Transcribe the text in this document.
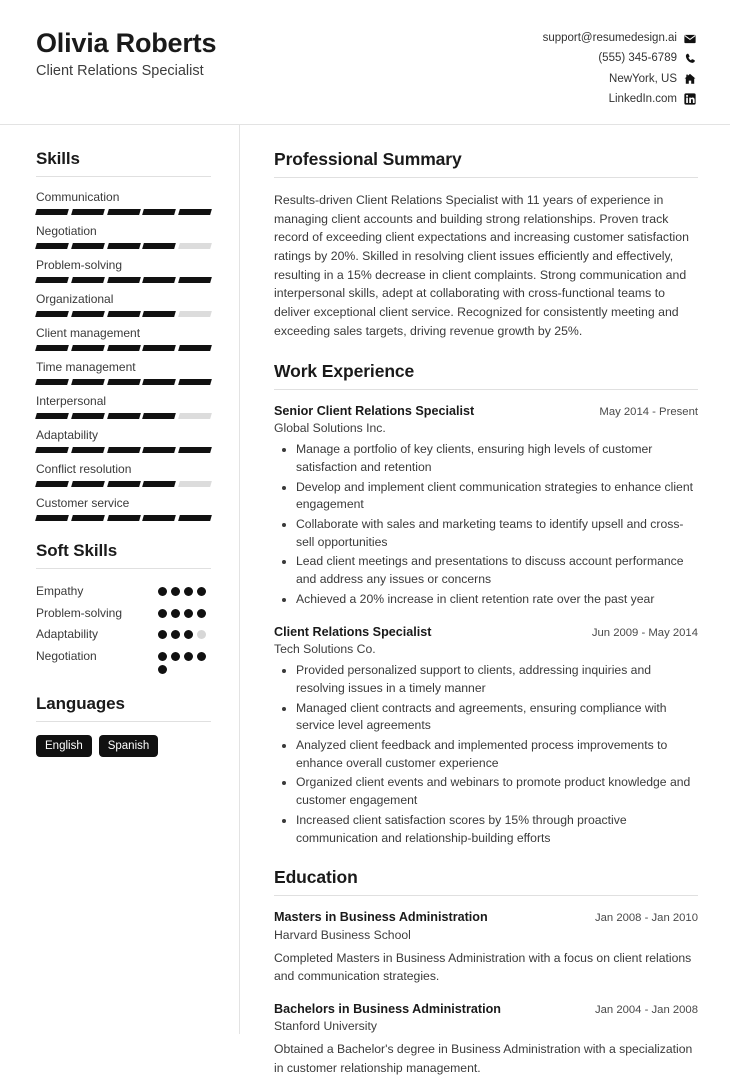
Olivia Roberts
Client Relations Specialist
support@resumedesign.ai
(555) 345-6789
NewYork, US
LinkedIn.com
Skills
Communication
Negotiation
Problem-solving
Organizational
Client management
Time management
Interpersonal
Adaptability
Conflict resolution
Customer service
Soft Skills
Empathy
Problem-solving
Adaptability
Negotiation
Languages
English	Spanish
Professional Summary

Results-driven Client Relations Specialist with 11 years of experience in managing client accounts and building strong relationships. Proven track record of exceeding client expectations and increasing customer satisfaction ratings by 20%. Skilled in resolving client issues efficiently and effectively, resulting in a 15% decrease in client complaints. Strong communication and interpersonal skills, adept at collaborating with cross-functional teams to deliver exceptional client service. Recognized for consistently meeting and exceeding sales targets, driving revenue growth by 25%.

Work Experience
Senior Client Relations Specialist	May 2014 - Present
Global Solutions Inc.
• Manage a portfolio of key clients, ensuring high levels of customer satisfaction and retention
• Develop and implement client communication strategies to enhance client engagement
• Collaborate with sales and marketing teams to identify upsell and cross-sell opportunities
• Lead client meetings and presentations to discuss account performance and address any issues or concerns
• Achieved a 20% increase in client retention rate over the past year
Client Relations Specialist	Jun 2009 - May 2014
Tech Solutions Co.
• Provided personalized support to clients, addressing inquiries and resolving issues in a timely manner
• Managed client contracts and agreements, ensuring compliance with service level agreements
• Analyzed client feedback and implemented process improvements to enhance overall customer experience
• Organized client events and webinars to promote product knowledge and customer engagement
• Increased client satisfaction scores by 15% through proactive communication and relationship-building efforts
Education
Masters in Business Administration	Jan 2008 - Jan 2010
Harvard Business School

Completed Masters in Business Administration with a focus on client relations and communication strategies.

Bachelors in Business Administration	Jan 2004 - Jan 2008
Stanford University

Obtained a Bachelor's degree in Business Administration with a specialization in customer relationship management.
